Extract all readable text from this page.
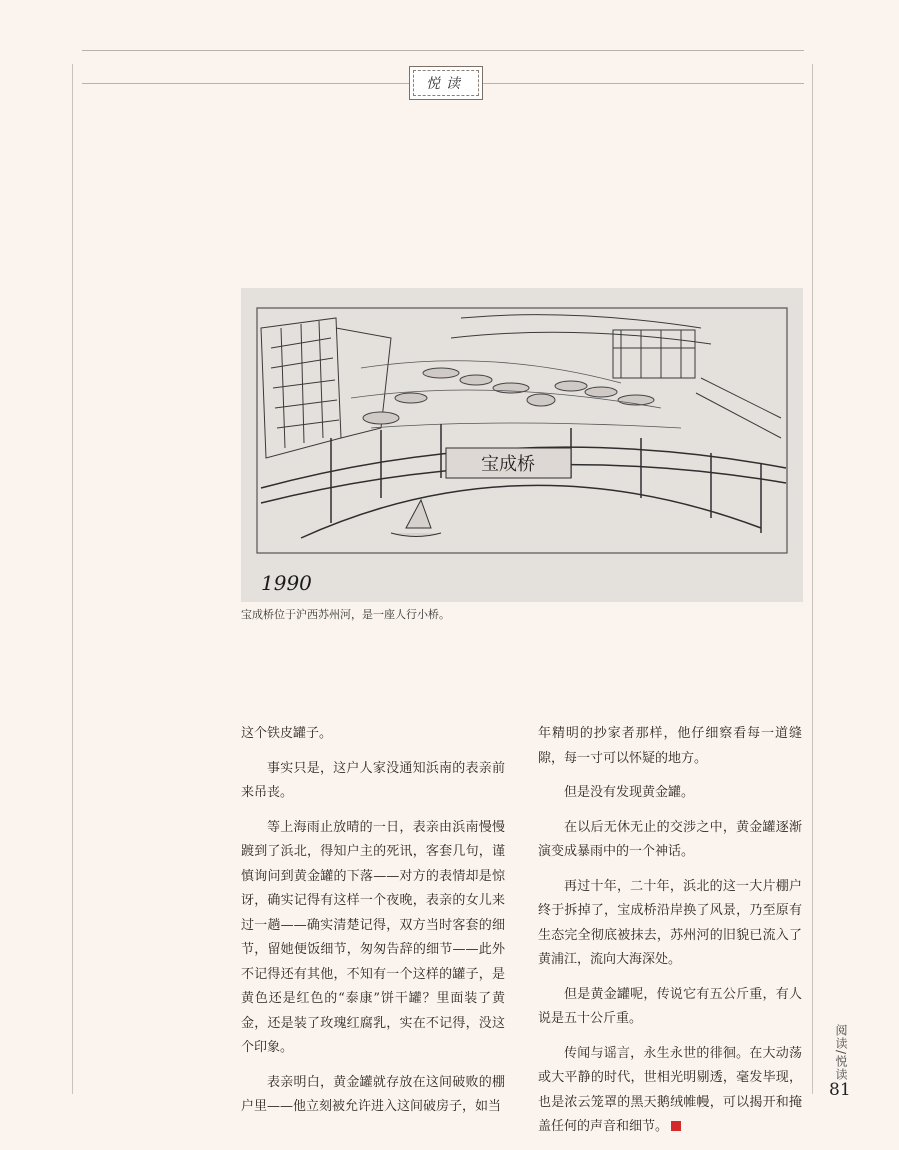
悦读
宝成桥
1990
宝成桥位于沪西苏州河，是一座人行小桥。

这个铁皮罐子。

事实只是，这户人家没通知浜南的表亲前来吊丧。

等上海雨止放晴的一日，表亲由浜南慢慢踱到了浜北，得知户主的死讯，客套几句，谨慎询问到黄金罐的下落——对方的表情却是惊讶，确实记得有这样一个夜晚，表亲的女儿来过一趟——确实清楚记得，双方当时客套的细节，留她便饭细节，匆匆告辞的细节——此外不记得还有其他，不知有一个这样的罐子，是黄色还是红色的“泰康”饼干罐？里面装了黄金，还是装了玫瑰红腐乳，实在不记得，没这个印象。

表亲明白，黄金罐就存放在这间破败的棚户里——他立刻被允许进入这间破房子，如当

年精明的抄家者那样，他仔细察看每一道缝隙，每一寸可以怀疑的地方。

但是没有发现黄金罐。

在以后无休无止的交涉之中，黄金罐逐渐演变成暴雨中的一个神话。

再过十年，二十年，浜北的这一大片棚户终于拆掉了，宝成桥沿岸换了风景，乃至原有生态完全彻底被抹去，苏州河的旧貌已流入了黄浦江，流向大海深处。

但是黄金罐呢，传说它有五公斤重，有人说是五十公斤重。

传闻与谣言，永生永世的徘徊。在大动荡或大平静的时代，世相光明剔透，毫发毕现，也是浓云笼罩的黑天鹅绒帷幔，可以揭开和掩盖任何的声音和细节。

阅读/悦读
81
